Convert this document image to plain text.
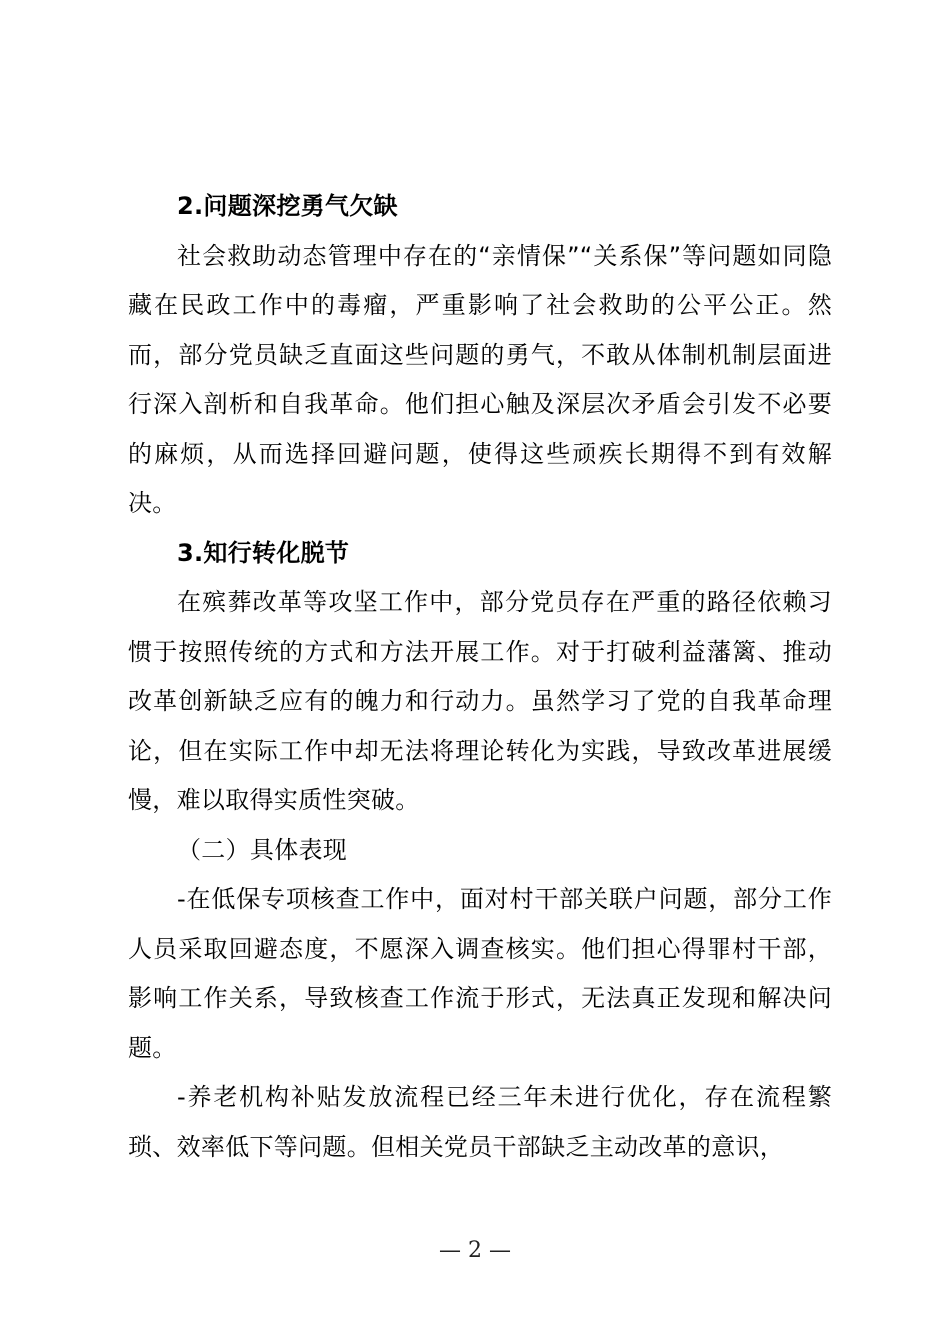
2.问题深挖勇气欠缺

社会救助动态管理中存在的“亲情保”“关系保”等问题如同隐藏在民政工作中的毒瘤，严重影响了社会救助的公平公正。然而，部分党员缺乏直面这些问题的勇气，不敢从体制机制层面进行深入剖析和自我革命。他们担心触及深层次矛盾会引发不必要的麻烦，从而选择回避问题，使得这些顽疾长期得不到有效解决。

3.知行转化脱节

在殡葬改革等攻坚工作中，部分党员存在严重的路径依赖习惯于按照传统的方式和方法开展工作。对于打破利益藩篱、推动改革创新缺乏应有的魄力和行动力。虽然学习了党的自我革命理论，但在实际工作中却无法将理论转化为实践，导致改革进展缓慢，难以取得实质性突破。

（二）具体表现

-在低保专项核查工作中，面对村干部关联户问题，部分工作人员采取回避态度，不愿深入调查核实。他们担心得罪村干部，影响工作关系，导致核查工作流于形式，无法真正发现和解决问题。

-养老机构补贴发放流程已经三年未进行优化，存在流程繁琐、效率低下等问题。但相关党员干部缺乏主动改革的意识，

— 2 —
